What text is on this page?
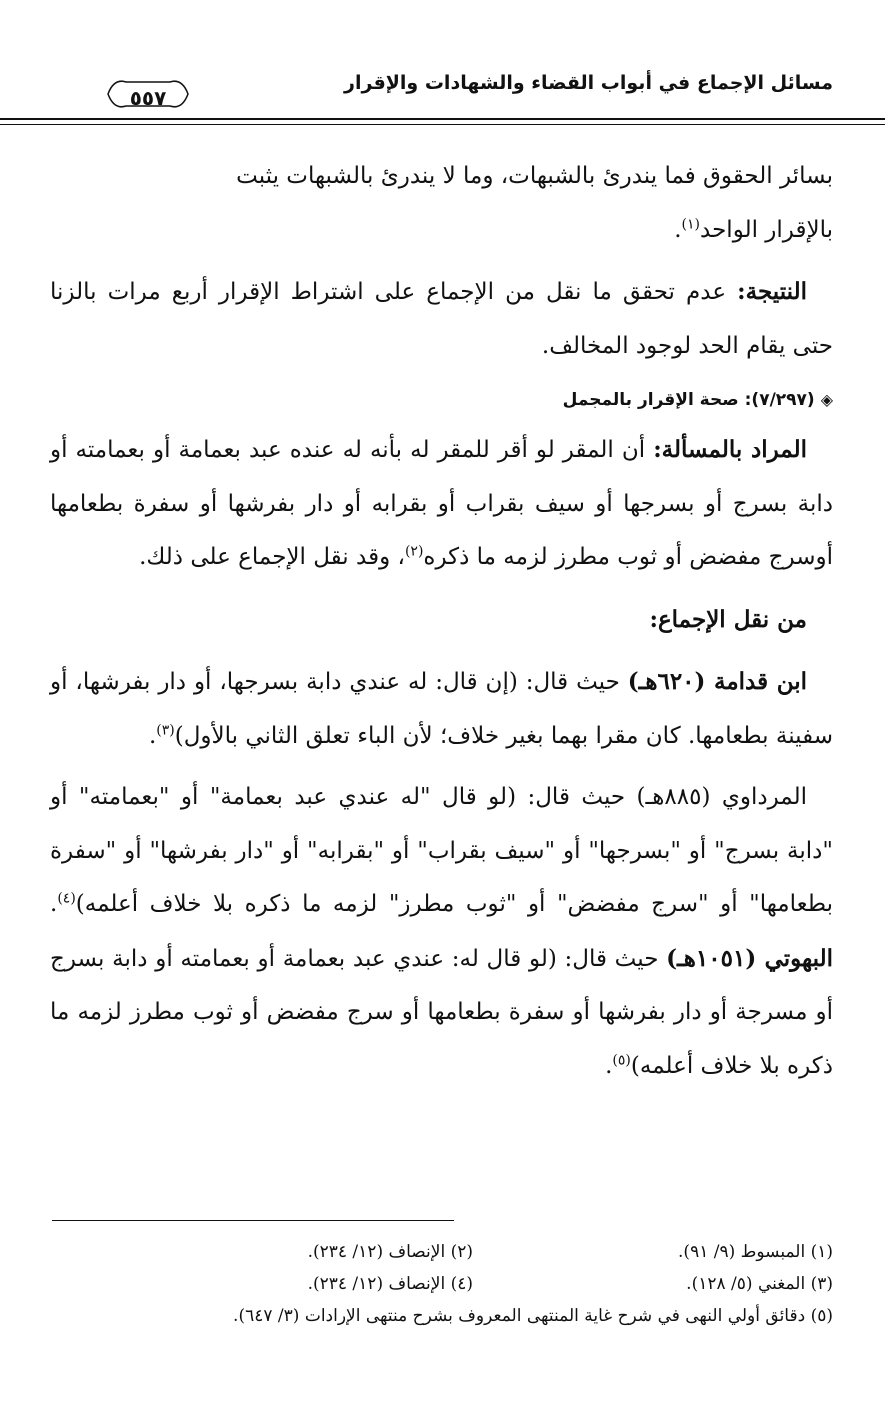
مسائل الإجماع في أبواب القضاء والشهادات والإقرار
٥٥٧

بسائر الحقوق فما يندرئ بالشبهات، وما لا يندرئ بالشبهات يثبت
بالإقرار الواحد$^{(١)}$.

النتيجة: عدم تحقق ما نقل من الإجماع على اشتراط الإقرار أربع مرات بالزنا حتى يقام الحد لوجود المخالف.

◈(٧/٢٩٧): صحة الإقرار بالمجمل

المراد بالمسألة: أن المقر لو أقر للمقر له بأنه له عنده عبد بعمامة أو بعمامته أو دابة بسرج أو بسرجها أو سيف بقراب أو بقرابه أو دار بفرشها أو سفرة بطعامها أوسرج مفضض أو ثوب مطرز لزمه ما ذكره$^{(٢)}$، وقد نقل الإجماع على ذلك.

من نقل الإجماع:

ابن قدامة (٦٢٠هـ) حيث قال: (إن قال: له عندي دابة بسرجها، أو دار بفرشها، أو سفينة بطعامها. كان مقرا بهما بغير خلاف؛ لأن الباء تعلق الثاني بالأول)$^{(٣)}$.

المرداوي (٨٨٥هـ) حيث قال: (لو قال "له عندي عبد بعمامة" أو "بعمامته" أو "دابة بسرج" أو "بسرجها" أو "سيف بقراب" أو "بقرابه" أو "دار بفرشها" أو "سفرة بطعامها" أو "سرج مفضض" أو "ثوب مطرز" لزمه ما ذكره بلا خلاف أعلمه)$^{(٤)}$. البهوتي (١٠٥١هـ) حيث قال: (لو قال له: عندي عبد بعمامة أو بعمامته أو دابة بسرج أو مسرجة أو دار بفرشها أو سفرة بطعامها أو سرج مفضض أو ثوب مطرز لزمه ما ذكره بلا خلاف أعلمه)$^{(٥)}$.

(١) المبسوط (٩/ ٩١).
(٢) الإنصاف (١٢/ ٢٣٤).
(٣) المغني (٥/ ١٢٨).
(٤) الإنصاف (١٢/ ٢٣٤).
(٥) دقائق أولي النهى في شرح غاية المنتهى المعروف بشرح منتهى الإرادات (٣/ ٦٤٧).
